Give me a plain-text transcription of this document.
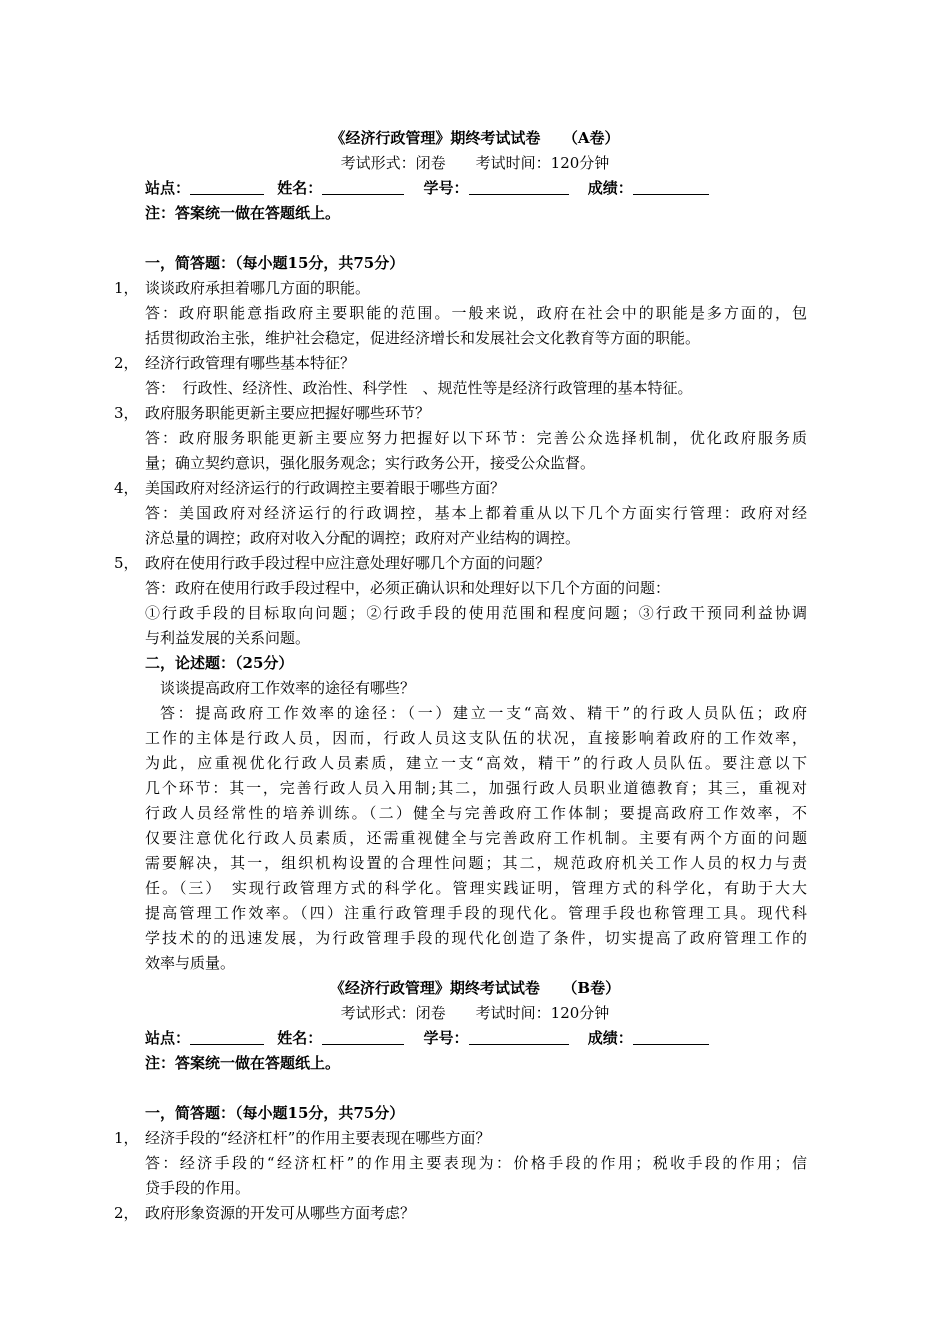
《经济行政管理》期终考试试卷　　（A卷）
考试形式：闭卷　　考试时间：120分钟
站点：	姓名：	学号：	成绩：
注：答案统一做在答题纸上。
一，简答题：（每小题15分，共75分）
1， 谈谈政府承担着哪几方面的职能。
答：政府职能意指政府主要职能的范围。一般来说，政府在社会中的职能是多方面的，包
括贯彻政治主张，维护社会稳定，促进经济增长和发展社会文化教育等方面的职能。
2， 经济行政管理有哪些基本特征？
答：　行政性、经济性、政治性、科学性　、规范性等是经济行政管理的基本特征。
3， 政府服务职能更新主要应把握好哪些环节？
答：政府服务职能更新主要应努力把握好以下环节：完善公众选择机制，优化政府服务质
量；确立契约意识，强化服务观念；实行政务公开，接受公众监督。
4， 美国政府对经济运行的行政调控主要着眼于哪些方面？
答：美国政府对经济运行的行政调控，基本上都着重从以下几个方面实行管理：政府对经
济总量的调控；政府对收入分配的调控；政府对产业结构的调控。
5， 政府在使用行政手段过程中应注意处理好哪几个方面的问题？
答：政府在使用行政手段过程中，必须正确认识和处理好以下几个方面的问题：
①行政手段的目标取向问题；②行政手段的使用范围和程度问题；③行政干预同利益协调
与利益发展的关系问题。
二，论述题：（25分）
谈谈提高政府工作效率的途径有哪些？
答：提高政府工作效率的途径：（一）建立一支“高效、精干”的行政人员队伍；政府
工作的主体是行政人员，因而，行政人员这支队伍的状况，直接影响着政府的工作效率，
为此，应重视优化行政人员素质，建立一支“高效，精干”的行政人员队伍。要注意以下
几个环节：其一，完善行政人员入用制;其二，加强行政人员职业道德教育；其三，重视对
行政人员经常性的培养训练。（二）健全与完善政府工作体制；要提高政府工作效率，不
仅要注意优化行政人员素质，还需重视健全与完善政府工作机制。主要有两个方面的问题
需要解决，其一，组织机构设置的合理性问题；其二，规范政府机关工作人员的权力与责
任。（三）　实现行政管理方式的科学化。管理实践证明，管理方式的科学化，有助于大大
提高管理工作效率。（四）注重行政管理手段的现代化。管理手段也称管理工具。现代科
学技术的的迅速发展，为行政管理手段的现代化创造了条件，切实提高了政府管理工作的
效率与质量。
《经济行政管理》期终考试试卷　　（B卷）
考试形式：闭卷　　考试时间：120分钟
站点：	姓名：	学号：	成绩：
注：答案统一做在答题纸上。
一，简答题：（每小题15分，共75分）
1， 经济手段的“经济杠杆”的作用主要表现在哪些方面？
答：经济手段的“经济杠杆”的作用主要表现为：价格手段的作用；税收手段的作用；信
贷手段的作用。
2， 政府形象资源的开发可从哪些方面考虑？
